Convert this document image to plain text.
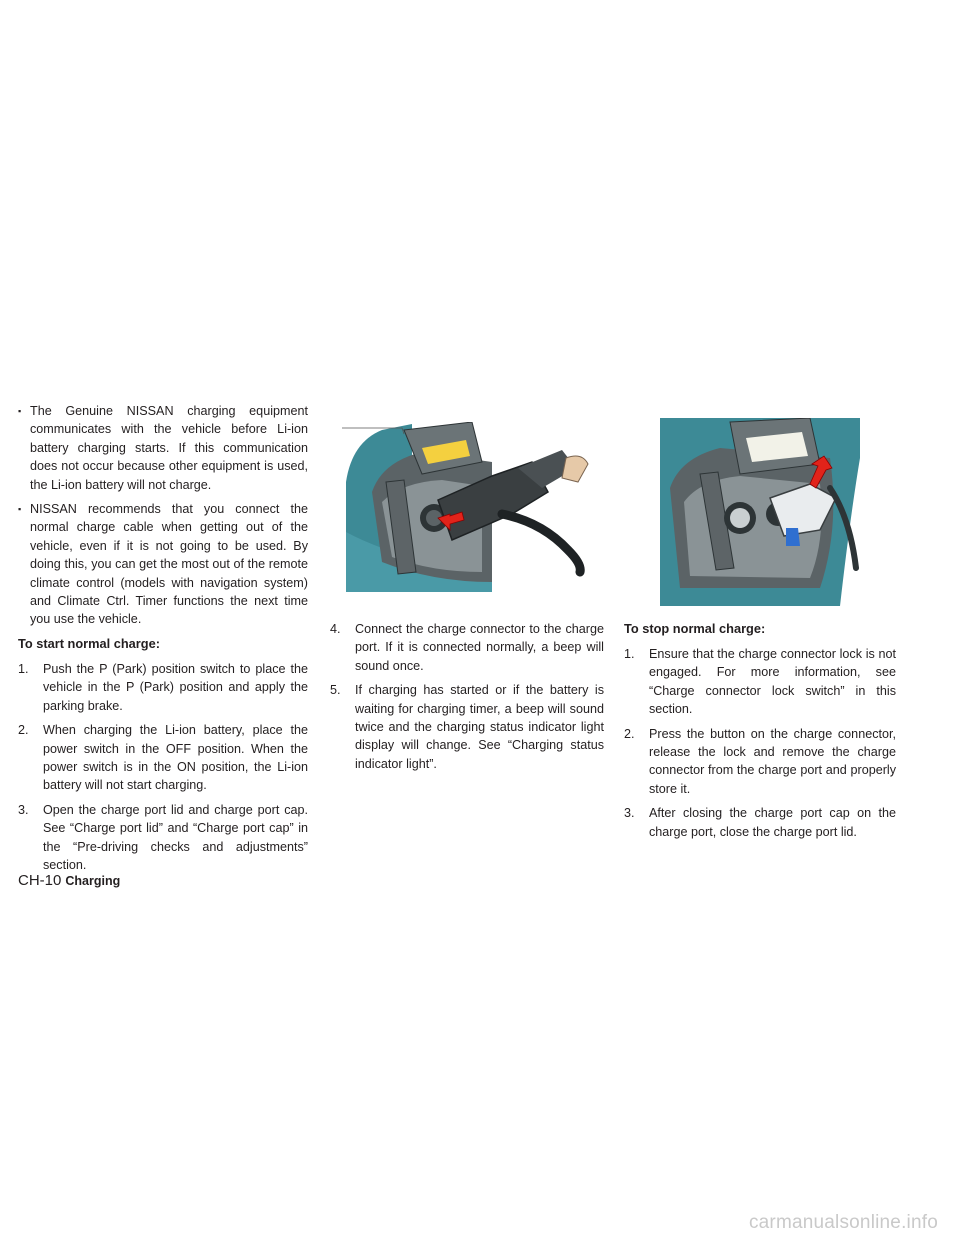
▪ The Genuine NISSAN charging equipment communicates with the vehicle before Li-ion battery charging starts. If this communication does not occur because other equipment is used, the Li-ion battery will not charge.
▪ NISSAN recommends that you connect the normal charge cable when getting out of the vehicle, even if it is not going to be used. By doing this, you can get the most out of the remote climate control (models with navigation system) and Climate Ctrl. Timer functions the next time you use the vehicle.
To start normal charge:
1. Push the P (Park) position switch to place the vehicle in the P (Park) position and apply the parking brake.
2. When charging the Li-ion battery, place the power switch in the OFF position. When the power switch is in the ON position, the Li-ion battery will not start charging.
3. Open the charge port lid and charge port cap. See “Charge port lid” and “Charge port cap” in the “Pre-driving checks and adjustments” section.
4. Connect the charge connector to the charge port. If it is connected normally, a beep will sound once.
5. If charging has started or if the battery is waiting for charging timer, a beep will sound twice and the charging status indicator light display will change. See “Charging status indicator light”.
To stop normal charge:
1. Ensure that the charge connector lock is not engaged. For more information, see “Charge connector lock switch” in this section.
2. Press the button on the charge connector, release the lock and remove the charge connector from the charge port and properly store it.
3. After closing the charge port cap on the charge port, close the charge port lid.
CH-10 Charging
carmanualsonline.info
